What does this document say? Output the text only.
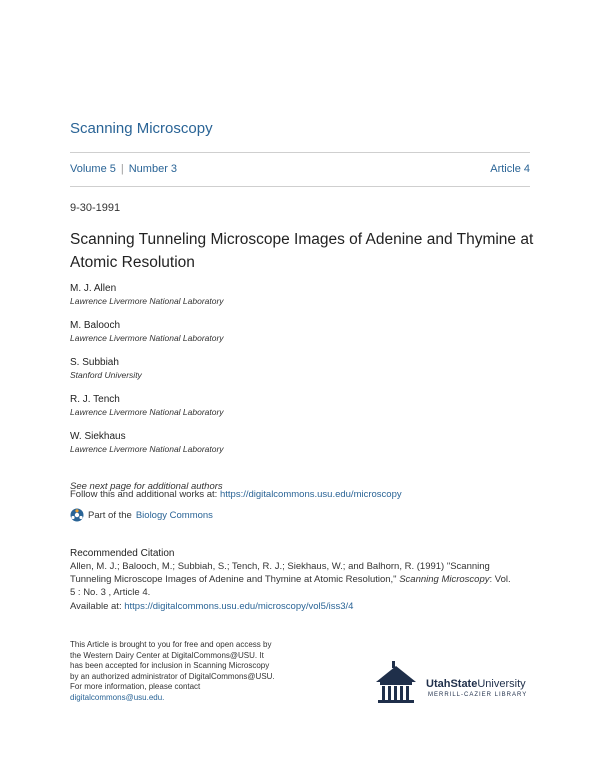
Scanning Microscopy
Volume 5 | Number 3	Article 4
9-30-1991
Scanning Tunneling Microscope Images of Adenine and Thymine at Atomic Resolution
M. J. Allen
Lawrence Livermore National Laboratory
M. Balooch
Lawrence Livermore National Laboratory
S. Subbiah
Stanford University
R. J. Tench
Lawrence Livermore National Laboratory
W. Siekhaus
Lawrence Livermore National Laboratory
See next page for additional authors
Follow this and additional works at: https://digitalcommons.usu.edu/microscopy
Part of the Biology Commons
Recommended Citation
Allen, M. J.; Balooch, M.; Subbiah, S.; Tench, R. J.; Siekhaus, W.; and Balhorn, R. (1991) "Scanning
Tunneling Microscope Images of Adenine and Thymine at Atomic Resolution," Scanning Microscopy: Vol.
5 : No. 3 , Article 4.
Available at: https://digitalcommons.usu.edu/microscopy/vol5/iss3/4
This Article is brought to you for free and open access by
the Western Dairy Center at DigitalCommons@USU. It
has been accepted for inclusion in Scanning Microscopy
by an authorized administrator of DigitalCommons@USU.
For more information, please contact
digitalcommons@usu.edu.
UtahStateUniversity
MERRILL-CAZIER LIBRARY
